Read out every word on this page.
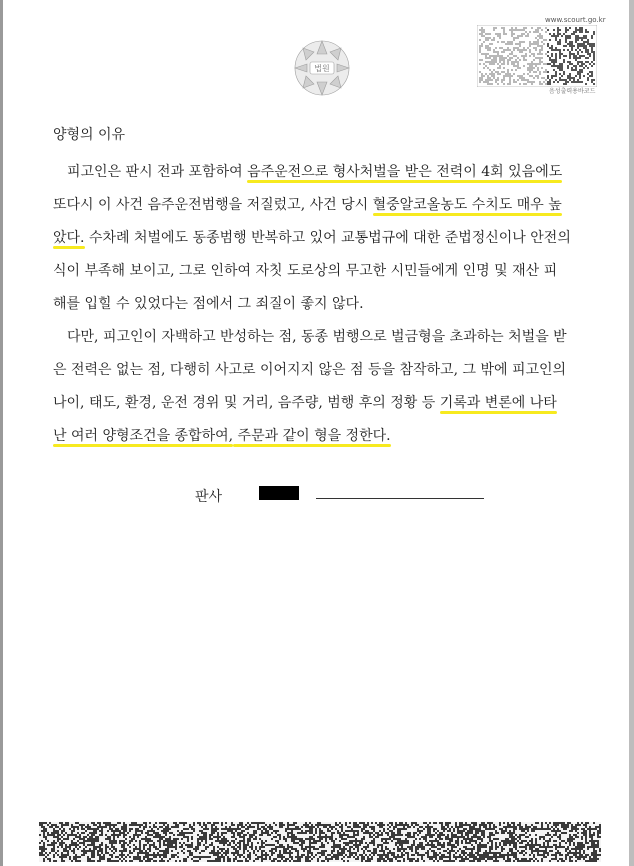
www.scourt.go.kr
음성출력용바코드
법원
양형의 이유
　피고인은 판시 전과 포함하여 음주운전으로 형사처벌을 받은 전력이 4회 있음에도
또다시 이 사건 음주운전범행을 저질렀고, 사건 당시 혈중알코올농도 수치도 매우 높
았다. 수차례 처벌에도 동종범행 반복하고 있어 교통법규에 대한 준법정신이나 안전의
식이 부족해 보이고, 그로 인하여 자칫 도로상의 무고한 시민들에게 인명 및 재산 피
해를 입힐 수 있었다는 점에서 그 죄질이 좋지 않다.
　다만, 피고인이 자백하고 반성하는 점, 동종 범행으로 벌금형을 초과하는 처벌을 받
은 전력은 없는 점, 다행히 사고로 이어지지 않은 점 등을 참작하고, 그 밖에 피고인의
나이, 태도, 환경, 운전 경위 및 거리, 음주량, 범행 후의 정황 등 기록과 변론에 나타
난 여러 양형조건을 종합하여, 주문과 같이 형을 정한다.
판사
